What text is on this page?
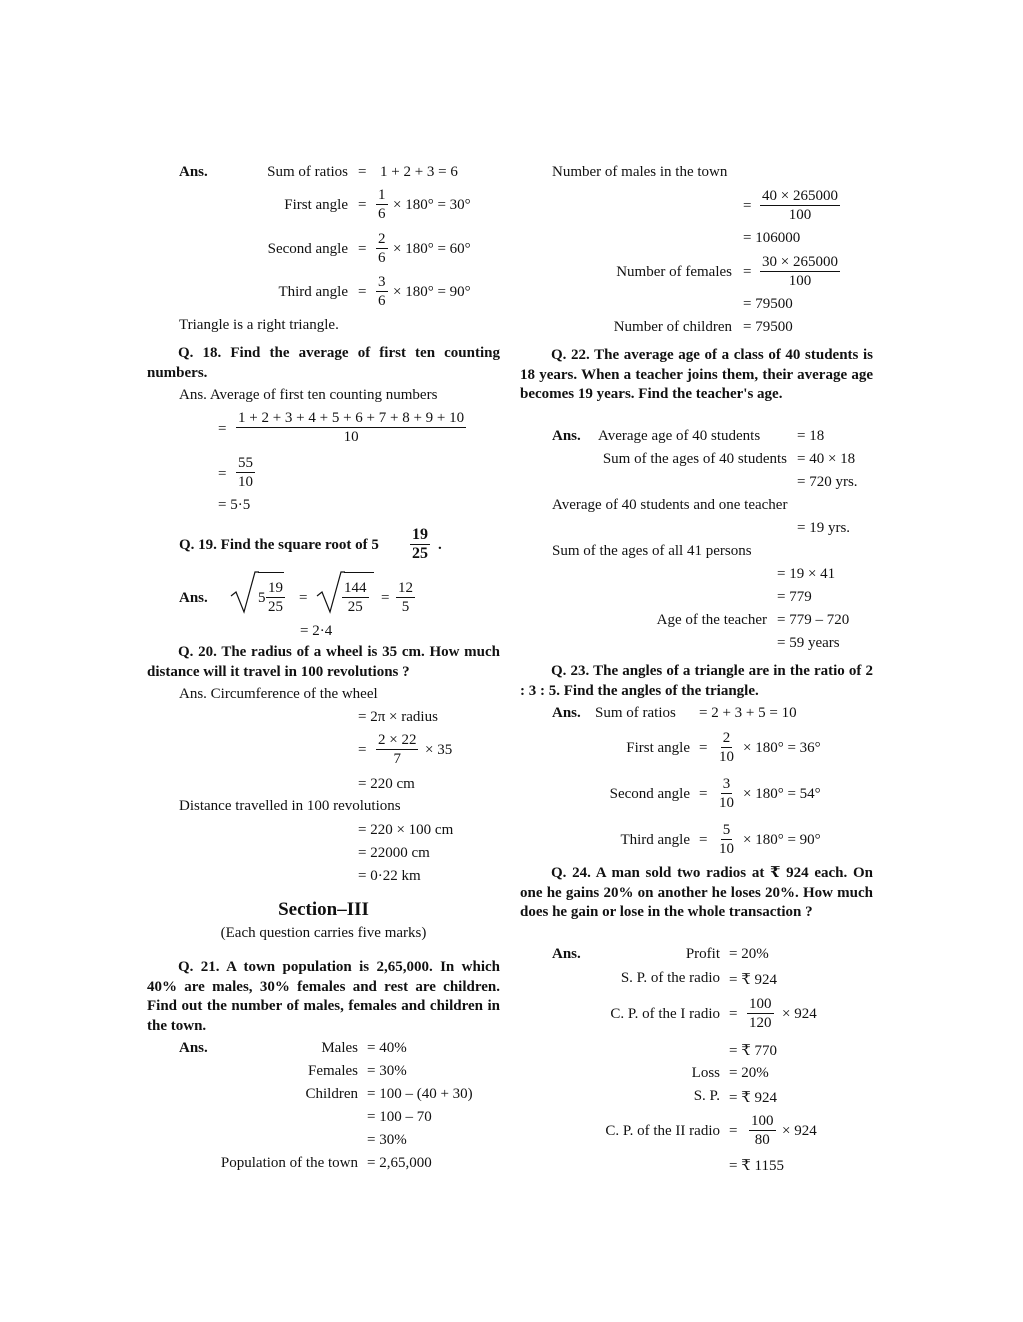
Ans.	Sum of ratios = 1 + 2 + 3 = 6
First angle = $\frac{1}{6} \times 180^\circ = 30^\circ$
Second angle = $\frac{2}{6} \times 180^\circ = 60^\circ$
Third angle = $\frac{3}{6} \times 180^\circ = 90^\circ$
Triangle is a right triangle.
Q. 18. Find the average of first ten counting numbers.
Ans. Average of first ten counting numbers
= $\frac{1 + 2 + 3 + 4 + 5 + 6 + 7 + 8 + 9 + 10}{10}$
= $\frac{55}{10}$
= 5·5
Q. 19. Find the square root of $5 \frac{19}{25}$ .
Ans.	$5 \frac{19}{25} = \frac{144}{25} = \frac{12}{5}$
= 2·4
Q. 20. The radius of a wheel is 35 cm. How much distance will it travel in 100 revolutions ?
Ans. Circumference of the wheel
= 2π × radius
= $\frac{2 \times 22}{7} \times 35$
= 220 cm
Distance travelled in 100 revolutions
= 220 × 100 cm
= 22000 cm
= 0·22 km
Section–III
(Each question carries five marks)
Q. 21. A town population is 2,65,000. In which 40% are males, 30% females and rest are children. Find out the number of males, females and children in the town.
Ans.	Males = 40%
Females = 30%
Children = 100 – (40 + 30)
= 100 – 70
= 30%
Population of the town = 2,65,000
Number of males in the town
= $\frac{40 \times 265000}{100}$
= 106000
Number of females = $\frac{30 \times 265000}{100}$
= 79500
Number of children = 79500
Q. 22. The average age of a class of 40 students is 18 years. When a teacher joins them, their average age becomes 19 years. Find the teacher's age.
Ans. Average age of 40 students = 18
Sum of the ages of 40 students = 40 × 18
= 720 yrs.
Average of 40 students and one teacher
= 19 yrs.
Sum of the ages of all 41 persons
= 19 × 41
= 779
Age of the teacher = 779 – 720
= 59 years
Q. 23. The angles of a triangle are in the ratio of 2 : 3 : 5. Find the angles of the triangle.
Ans. Sum of ratios = 2 + 3 + 5 = 10
First angle = $\frac{2}{10} \times 180^\circ = 36^\circ$
Second angle = $\frac{3}{10} \times 180^\circ = 54^\circ$
Third angle = $\frac{5}{10} \times 180^\circ = 90^\circ$
Q. 24. A man sold two radios at ₹ 924 each. On one he gains 20% on another he loses 20%. How much does he gain or lose in the whole transaction ?
Ans.	Profit = 20%
S. P. of the radio = ₹ 924
C. P. of the I radio = $\frac{100}{120} \times 924$
= ₹ 770
Loss = 20%
S. P. = ₹ 924
C. P. of the II radio = $\frac{100}{80} \times 924$
= ₹ 1155
